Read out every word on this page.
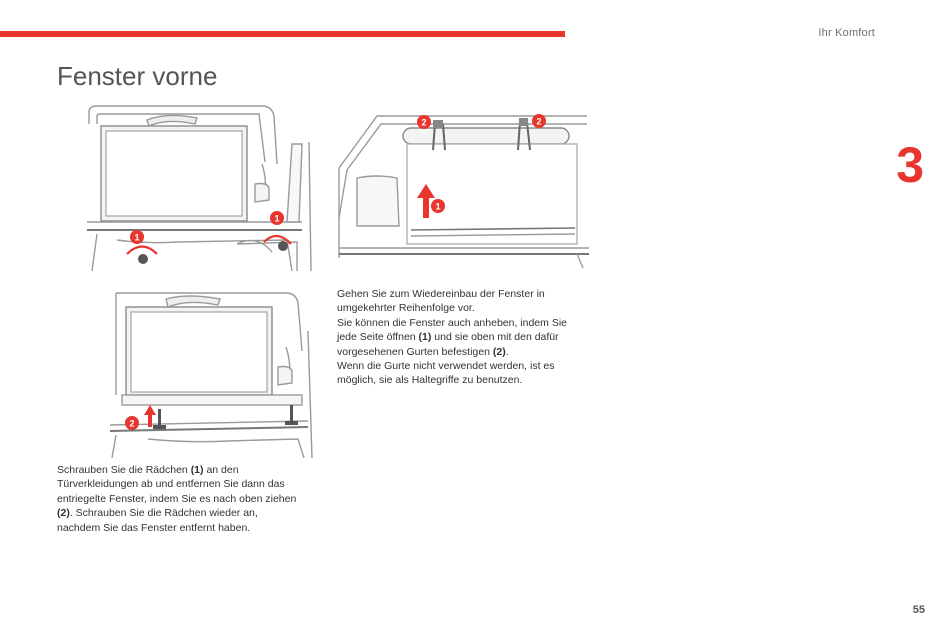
Ihr Komfort
3
Fenster vorne
1
1
2	2
1
2

Gehen Sie zum Wiedereinbau der Fenster in umgekehrter Reihenfolge vor.
Sie können die Fenster auch anheben, indem Sie jede Seite öffnen (1) und sie oben mit den dafür vorgesehenen Gurten befestigen (2).
Wenn die Gurte nicht verwendet werden, ist es möglich, sie als Haltegriffe zu benutzen.

Schrauben Sie die Rädchen (1) an den Türverkleidungen ab und entfernen Sie dann das entriegelte Fenster, indem Sie es nach oben ziehen (2). Schrauben Sie die Rädchen wieder an, nachdem Sie das Fenster entfernt haben.

55
